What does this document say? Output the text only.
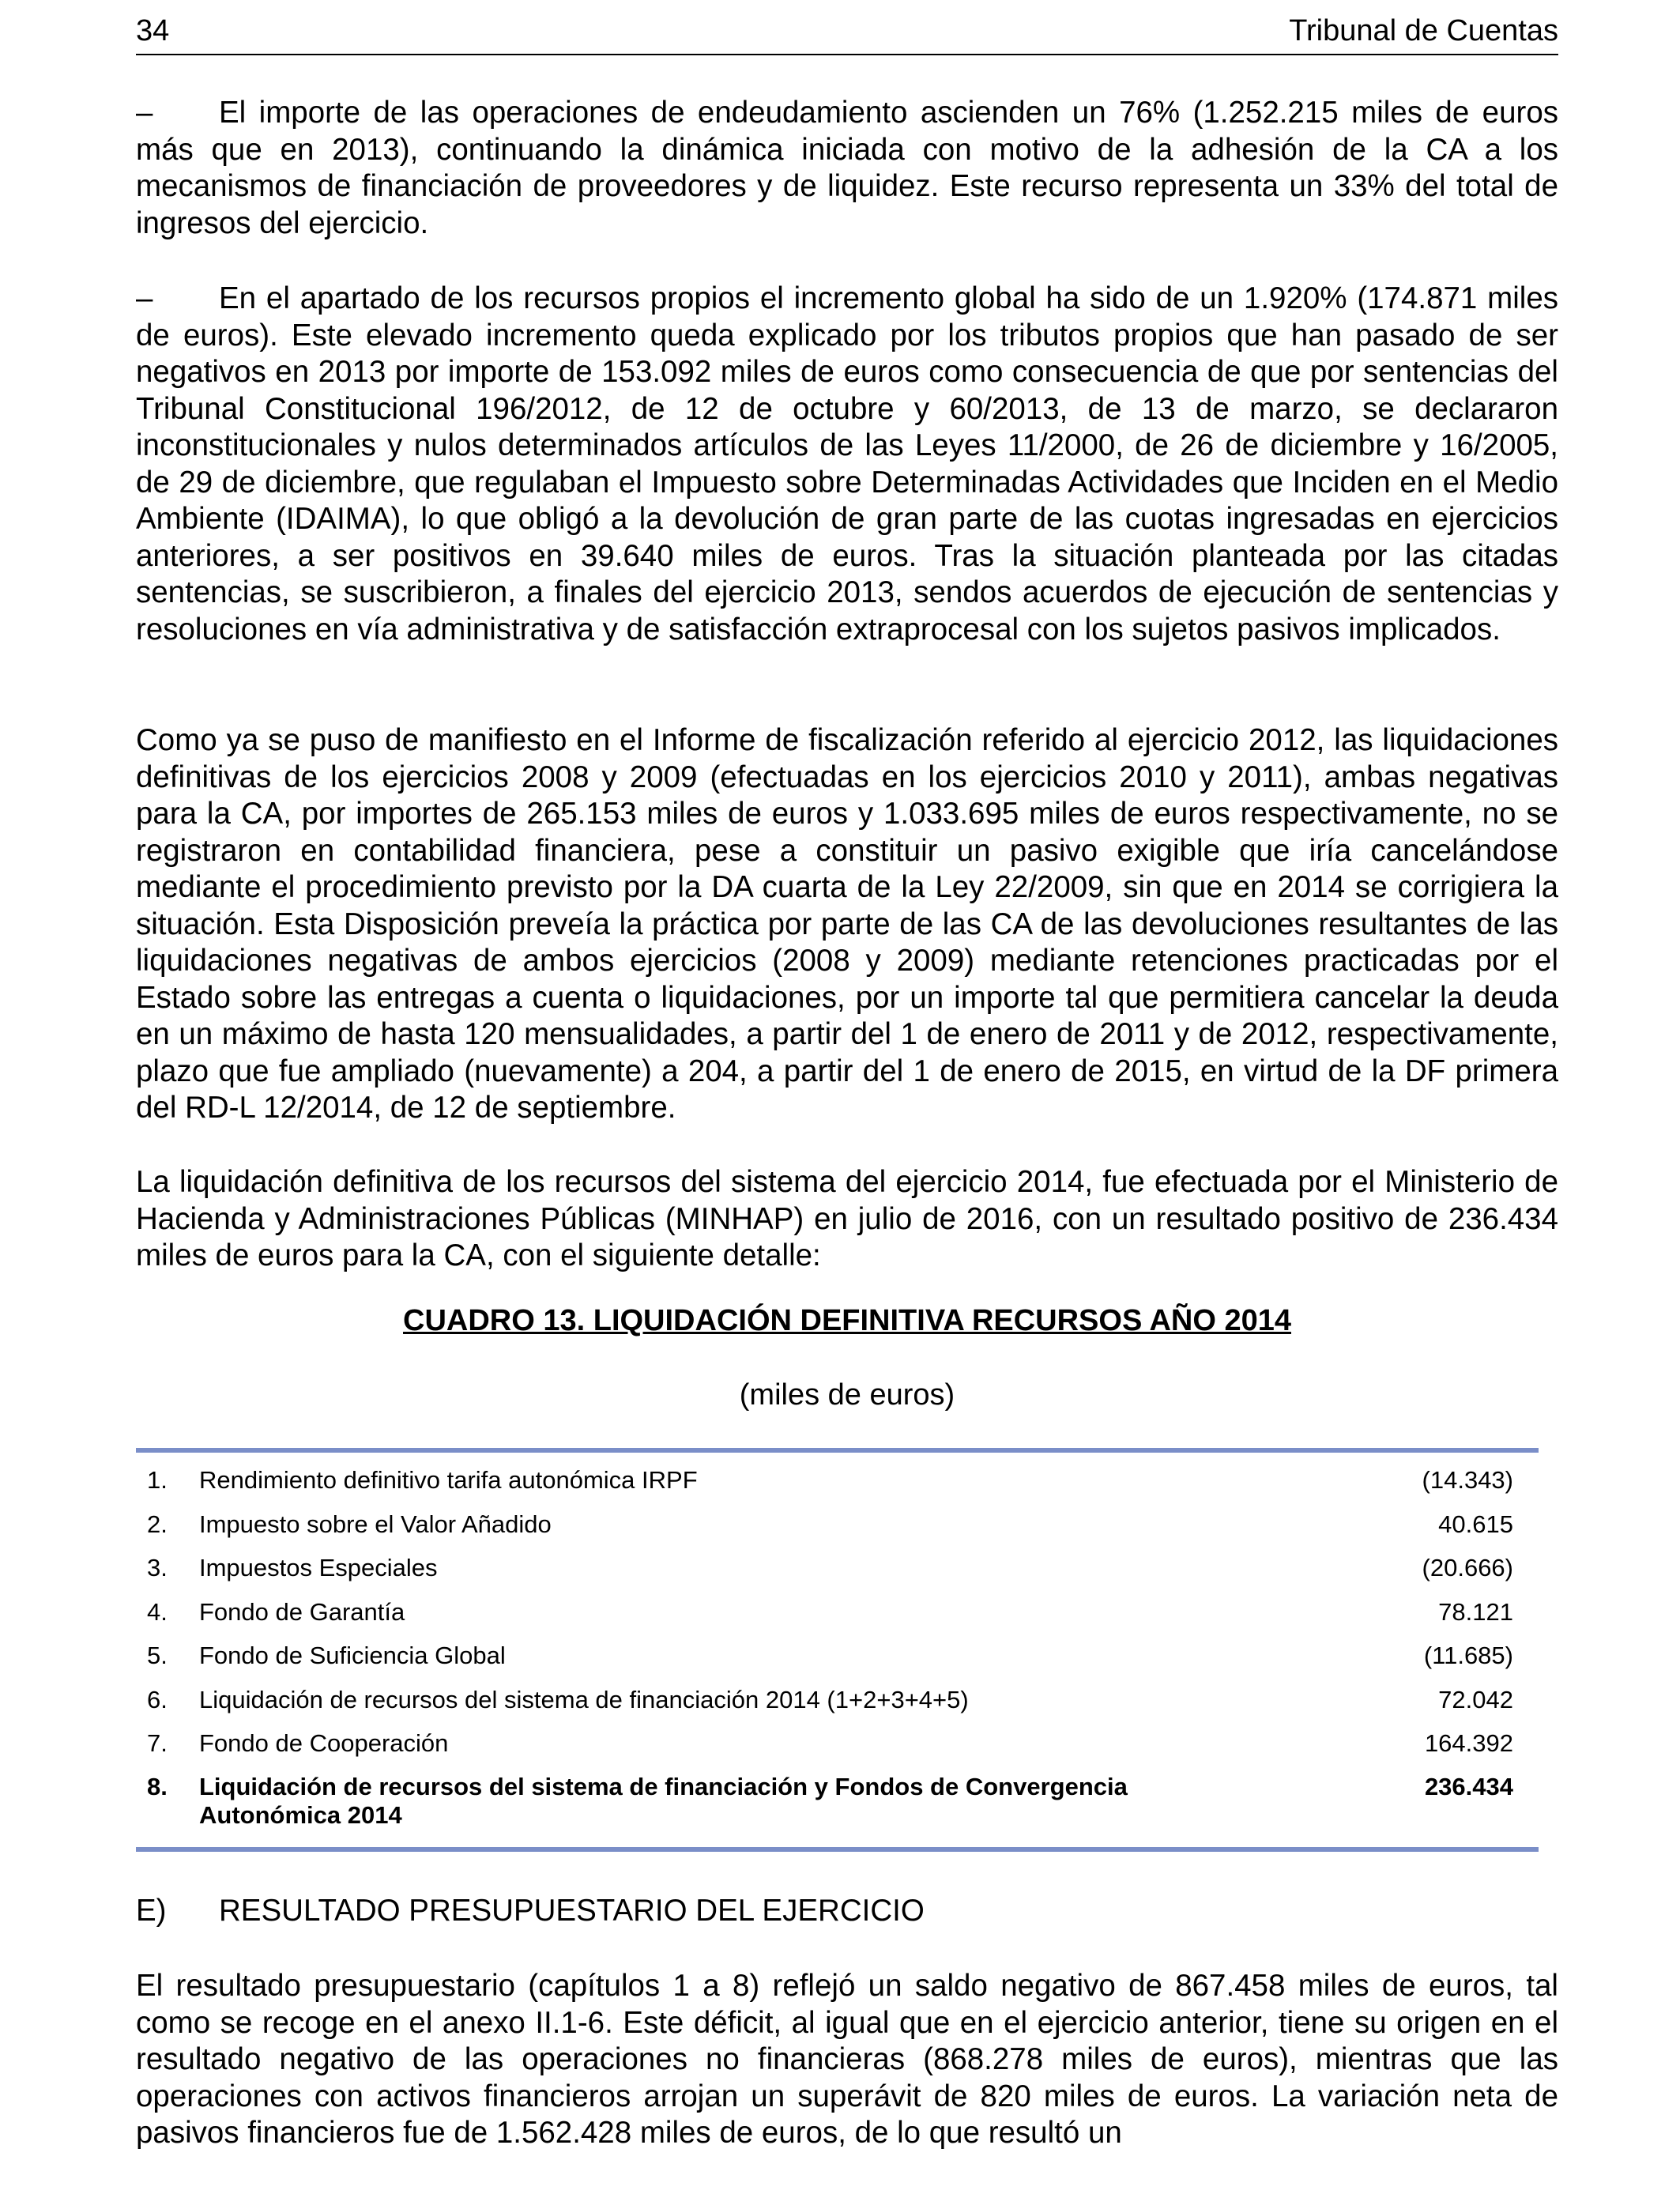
34	Tribunal de Cuentas
– El importe de las operaciones de endeudamiento ascienden un 76% (1.252.215 miles de euros más que en 2013), continuando la dinámica iniciada con motivo de la adhesión de la CA a los mecanismos de financiación de proveedores y de liquidez. Este recurso representa un 33% del total de ingresos del ejercicio.
– En el apartado de los recursos propios el incremento global ha sido de un 1.920% (174.871 miles de euros). Este elevado incremento queda explicado por los tributos propios que han pasado de ser negativos en 2013 por importe de 153.092 miles de euros como consecuencia de que por sentencias del Tribunal Constitucional 196/2012, de 12 de octubre y 60/2013, de 13 de marzo, se declararon inconstitucionales y nulos determinados artículos de las Leyes 11/2000, de 26 de diciembre y 16/2005, de 29 de diciembre, que regulaban el Impuesto sobre Determinadas Actividades que Inciden en el Medio Ambiente (IDAIMA), lo que obligó a la devolución de gran parte de las cuotas ingresadas en ejercicios anteriores, a ser positivos en 39.640 miles de euros. Tras la situación planteada por las citadas sentencias, se suscribieron, a finales del ejercicio 2013, sendos acuerdos de ejecución de sentencias y resoluciones en vía administrativa y de satisfacción extraprocesal con los sujetos pasivos implicados.
Como ya se puso de manifiesto en el Informe de fiscalización referido al ejercicio 2012, las liquidaciones definitivas de los ejercicios 2008 y 2009 (efectuadas en los ejercicios 2010 y 2011), ambas negativas para la CA, por importes de 265.153 miles de euros y 1.033.695 miles de euros respectivamente, no se registraron en contabilidad financiera, pese a constituir un pasivo exigible que iría cancelándose mediante el procedimiento previsto por la DA cuarta de la Ley 22/2009, sin que en 2014 se corrigiera la situación. Esta Disposición preveía la práctica por parte de las CA de las devoluciones resultantes de las liquidaciones negativas de ambos ejercicios (2008 y 2009) mediante retenciones practicadas por el Estado sobre las entregas a cuenta o liquidaciones, por un importe tal que permitiera cancelar la deuda en un máximo de hasta 120 mensualidades, a partir del 1 de enero de 2011 y de 2012, respectivamente, plazo que fue ampliado (nuevamente) a 204, a partir del 1 de enero de 2015, en virtud de la DF primera del RD-L 12/2014, de 12 de septiembre.
La liquidación definitiva de los recursos del sistema del ejercicio 2014, fue efectuada por el Ministerio de Hacienda y Administraciones Públicas (MINHAP) en julio de 2016, con un resultado positivo de 236.434 miles de euros para la CA, con el siguiente detalle:
CUADRO 13. LIQUIDACIÓN DEFINITIVA RECURSOS AÑO 2014
(miles de euros)
1.	Rendimiento definitivo tarifa autonómica IRPF	(14.343)
2.	Impuesto sobre el Valor Añadido	40.615
3.	Impuestos Especiales	(20.666)
4.	Fondo de Garantía	78.121
5.	Fondo de Suficiencia Global	(11.685)
6.	Liquidación de recursos del sistema de financiación 2014 (1+2+3+4+5)	72.042
7.	Fondo de Cooperación	164.392
8.	Liquidación de recursos del sistema de financiación y Fondos de Convergencia Autonómica 2014	236.434
E) RESULTADO PRESUPUESTARIO DEL EJERCICIO
El resultado presupuestario (capítulos 1 a 8) reflejó un saldo negativo de 867.458 miles de euros, tal como se recoge en el anexo II.1-6. Este déficit, al igual que en el ejercicio anterior, tiene su origen en el resultado negativo de las operaciones no financieras (868.278 miles de euros), mientras que las operaciones con activos financieros arrojan un superávit de 820 miles de euros. La variación neta de pasivos financieros fue de 1.562.428 miles de euros, de lo que resultó un
